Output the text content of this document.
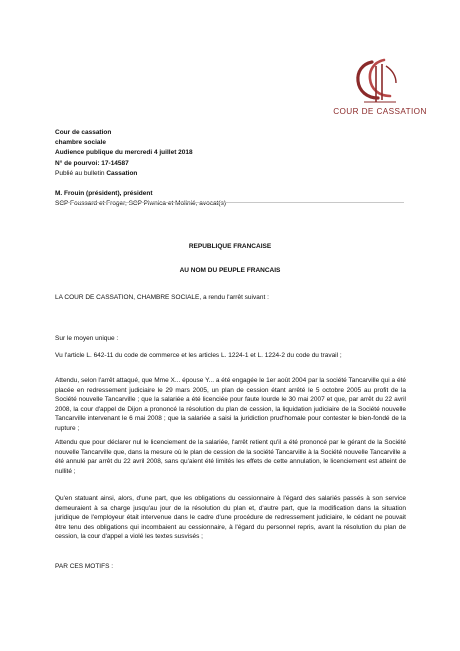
COUR DE CASSATION
Cour de cassation
chambre sociale
Audience publique du mercredi 4 juillet 2018
N° de pourvoi: 17-14587
Publié au bulletin Cassation
M. Frouin (président), président
SCP Foussard et Froger, SCP Piwnica et Molinié, avocat(s)
REPUBLIQUE FRANCAISE
AU NOM DU PEUPLE FRANCAIS
LA COUR DE CASSATION, CHAMBRE SOCIALE, a rendu l'arrêt suivant :
Sur le moyen unique :
Vu l'article L. 642-11 du code de commerce et les articles L. 1224-1 et L. 1224-2 du code du travail ;

Attendu, selon l'arrêt attaqué, que Mme X... épouse Y... a été engagée le 1er août 2004 par la société Tancarville qui a été placée en redressement judiciaire le 29 mars 2005, un plan de cession étant arrêté le 5 octobre 2005 au profit de la Société nouvelle Tancarville ; que la salariée a été licenciée pour faute lourde le 30 mai 2007 et que, par arrêt du 22 avril 2008, la cour d'appel de Dijon a prononcé la résolution du plan de cession, la liquidation judiciaire de la Société nouvelle Tancarville intervenant le 6 mai 2008 ; que la salariée a saisi la juridiction prud'homale pour contester le bien-fondé de la rupture ;

Attendu que pour déclarer nul le licenciement de la salariée, l'arrêt retient qu'il a été prononcé par le gérant de la Société nouvelle Tancarville que, dans la mesure où le plan de cession de la société Tancarville à la Société nouvelle Tancarville a été annulé par arrêt du 22 avril 2008, sans qu'aient été limités les effets de cette annulation, le licenciement est atteint de nullité ;

Qu'en statuant ainsi, alors, d'une part, que les obligations du cessionnaire à l'égard des salariés passés à son service demeuraient à sa charge jusqu'au jour de la résolution du plan et, d'autre part, que la modification dans la situation juridique de l'employeur était intervenue dans le cadre d'une procédure de redressement judiciaire, le cédant ne pouvait être tenu des obligations qui incombaient au cessionnaire, à l'égard du personnel repris, avant la résolution du plan de cession, la cour d'appel a violé les textes susvisés ;

PAR CES MOTIFS :
